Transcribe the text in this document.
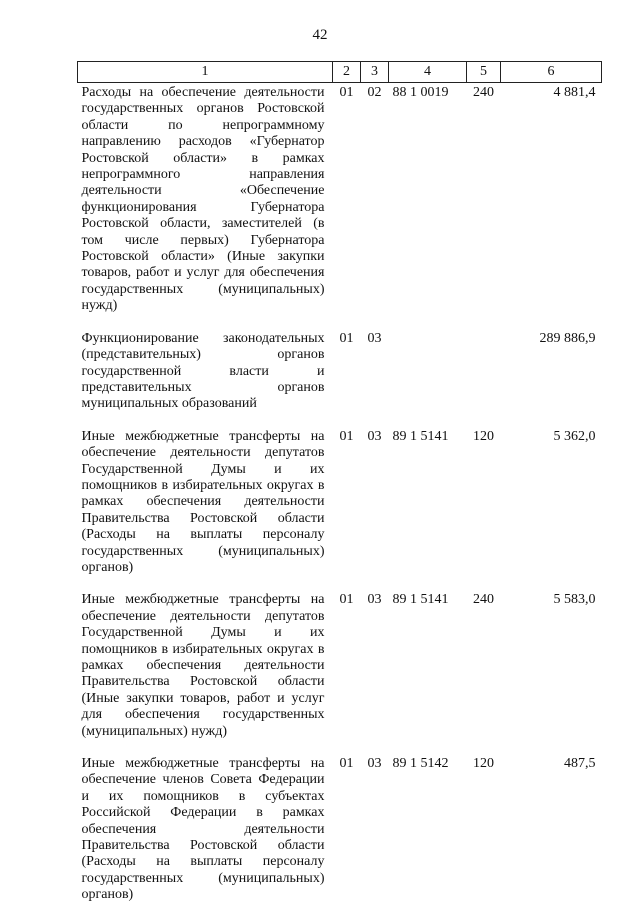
42
1	2	3	4	5	6
Расходы на обеспечение деятельности государственных органов Ростовской области по непрограммному направлению расходов «Губернатор Ростовской области» в рамках непрограммного направления деятельности «Обеспечение функционирования Губернатора Ростовской области, заместителей (в том числе первых) Губернатора Ростовской области» (Иные закупки товаров, работ и услуг для обеспечения государственных (муниципальных) нужд)	01	02	88 1 0019	240	4 881,4
Функционирование законодательных (представительных) органов государственной власти и представительных органов муниципальных образований	01	03			289 886,9
Иные межбюджетные трансферты на обеспечение деятельности депутатов Государственной Думы и их помощников в избирательных округах в рамках обеспечения деятельности Правительства Ростовской области (Расходы на выплаты персоналу государственных (муниципальных) органов)	01	03	89 1 5141	120	5 362,0
Иные межбюджетные трансферты на обеспечение деятельности депутатов Государственной Думы и их помощников в избирательных округах в рамках обеспечения деятельности Правительства Ростовской области (Иные закупки товаров, работ и услуг для обеспечения государственных (муниципальных) нужд)	01	03	89 1 5141	240	5 583,0
Иные межбюджетные трансферты на обеспечение членов Совета Федерации и их помощников в субъектах Российской Федерации в рамках обеспечения деятельности Правительства Ростовской области (Расходы на выплаты персоналу государственных (муниципальных) органов)	01	03	89 1 5142	120	487,5
